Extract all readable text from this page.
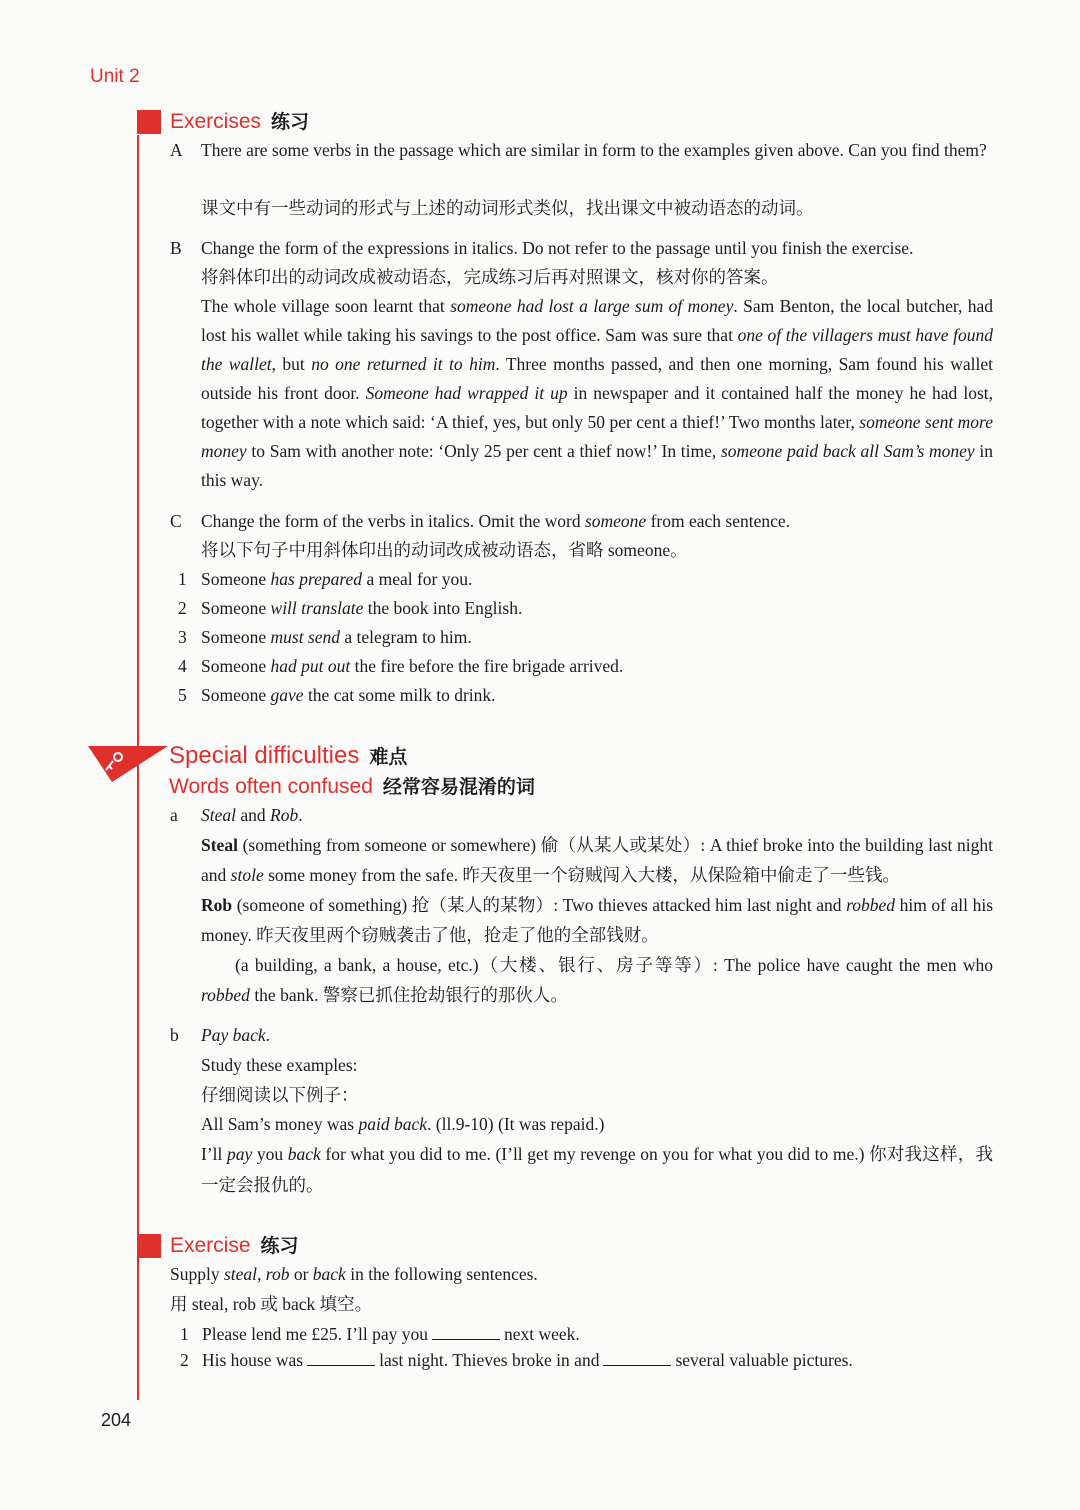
Unit 2
Exercises 练习
A There are some verbs in the passage which are similar in form to the examples given above. Can you find them?
课文中有一些动词的形式与上述的动词形式类似，找出课文中被动语态的动词。
B Change the form of the expressions in italics. Do not refer to the passage until you finish the exercise.
将斜体印出的动词改成被动语态，完成练习后再对照课文，核对你的答案。
The whole village soon learnt that someone had lost a large sum of money. Sam Benton, the local butcher, had lost his wallet while taking his savings to the post office. Sam was sure that one of the villagers must have found the wallet, but no one returned it to him. Three months passed, and then one morning, Sam found his wallet outside his front door. Someone had wrapped it up in newspaper and it contained half the money he had lost, together with a note which said: ‘A thief, yes, but only 50 per cent a thief!’ Two months later, someone sent more money to Sam with another note: ‘Only 25 per cent a thief now!’ In time, someone paid back all Sam’s money in this way.
C Change the form of the verbs in italics. Omit the word someone from each sentence.
将以下句子中用斜体印出的动词改成被动语态，省略 someone。
1 Someone has prepared a meal for you.
2 Someone will translate the book into English.
3 Someone must send a telegram to him.
4 Someone had put out the fire before the fire brigade arrived.
5 Someone gave the cat some milk to drink.
Special difficulties 难点
Words often confused 经常容易混淆的词
a Steal and Rob.
Steal (something from someone or somewhere) 偷（从某人或某处）: A thief broke into the building last night and stole some money from the safe. 昨天夜里一个窃贼闯入大楼，从保险箱中偷走了一些钱。
Rob (someone of something) 抢（某人的某物）: Two thieves attacked him last night and robbed him of all his money. 昨天夜里两个窃贼袭击了他，抢走了他的全部钱财。
(a building, a bank, a house, etc.)（大楼、银行、房子等等）: The police have caught the men who robbed the bank. 警察已抓住抢劫银行的那伙人。
b Pay back.
Study these examples:
仔细阅读以下例子：
All Sam’s money was paid back. (ll.9-10) (It was repaid.)
I’ll pay you back for what you did to me. (I’ll get my revenge on you for what you did to me.) 你对我这样，我一定会报仇的。
Exercise 练习
Supply steal, rob or back in the following sentences.
用 steal, rob 或 back 填空。
1 Please lend me £25. I’ll pay you	next week.
2 His house was	last night. Thieves broke in and	several valuable pictures.
204
